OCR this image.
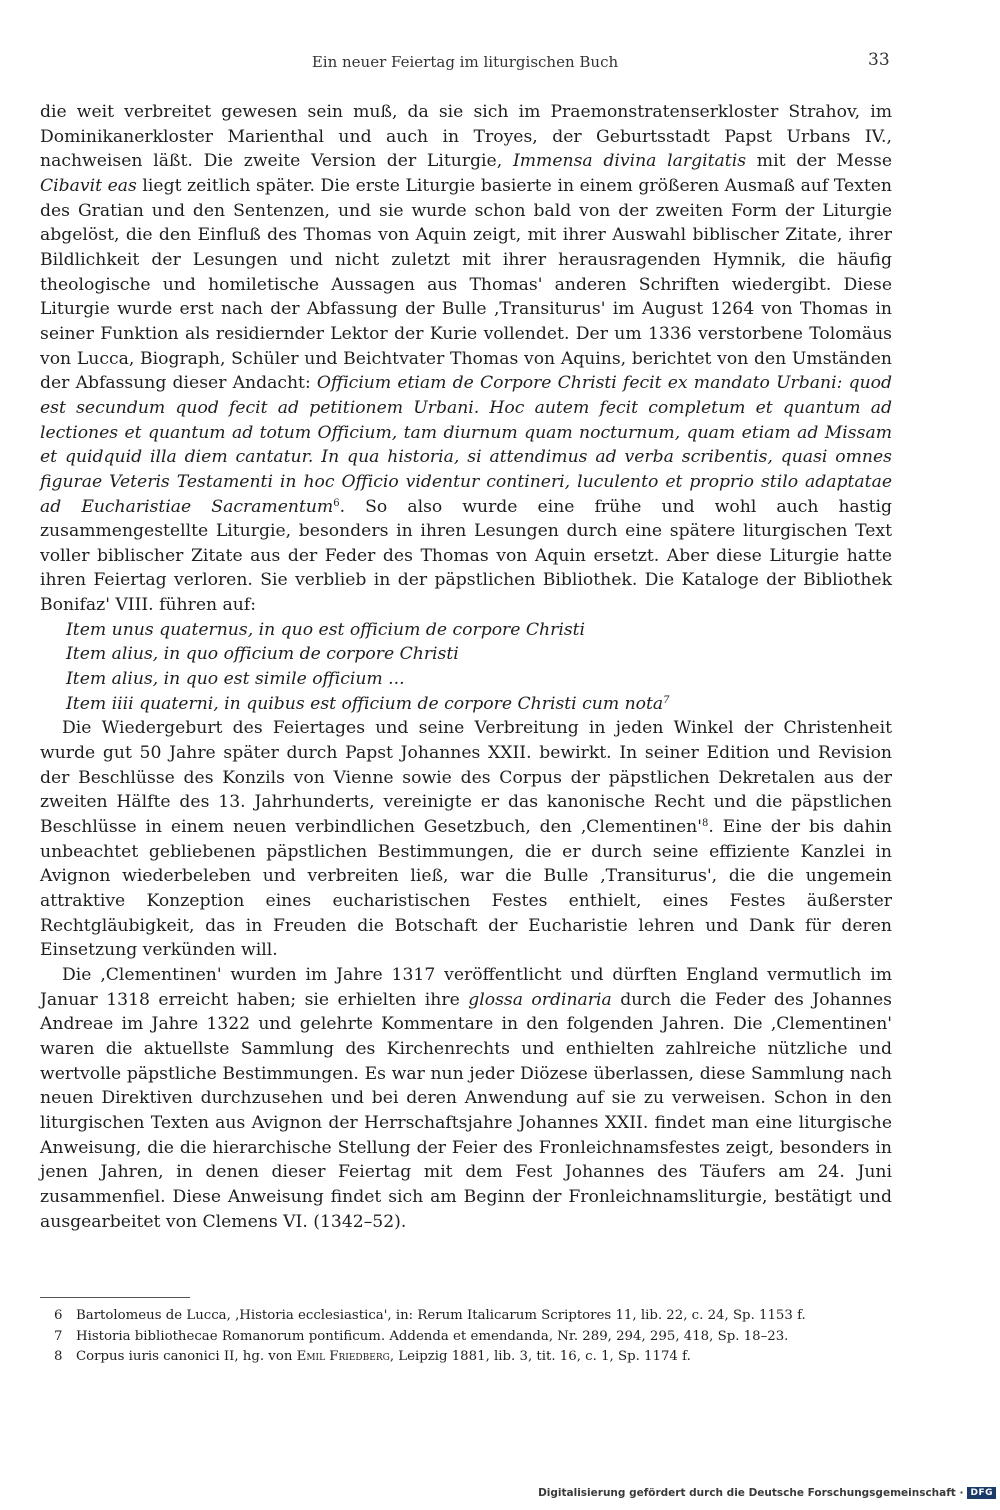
Ein neuer Feiertag im liturgischen Buch	33

die weit verbreitet gewesen sein muß, da sie sich im Praemonstratenserkloster Strahov, im Dominikanerkloster Marienthal und auch in Troyes, der Geburtsstadt Papst Urbans IV., nachweisen läßt. Die zweite Version der Liturgie, Immensa divina largitatis mit der Messe Cibavit eas liegt zeitlich später. Die erste Liturgie basierte in einem größeren Ausmaß auf Texten des Gratian und den Sentenzen, und sie wurde schon bald von der zweiten Form der Liturgie abgelöst, die den Einfluß des Thomas von Aquin zeigt, mit ihrer Auswahl biblischer Zitate, ihrer Bildlichkeit der Lesungen und nicht zuletzt mit ihrer herausragenden Hymnik, die häufig theologische und homiletische Aussagen aus Thomas' anderen Schriften wiedergibt. Diese Liturgie wurde erst nach der Abfassung der Bulle ‚Transiturus' im August 1264 von Thomas in seiner Funktion als residiernder Lektor der Kurie vollendet. Der um 1336 verstorbene Tolomäus von Lucca, Biograph, Schüler und Beichtvater Thomas von Aquins, berichtet von den Umständen der Abfassung dieser Andacht: Officium etiam de Corpore Christi fecit ex mandato Urbani: quod est secundum quod fecit ad petitionem Urbani. Hoc autem fecit completum et quantum ad lectiones et quantum ad totum Officium, tam diurnum quam nocturnum, quam etiam ad Missam et quidquid illa diem cantatur. In qua historia, si attendimus ad verba scribentis, quasi omnes figurae Veteris Testamenti in hoc Officio videntur contineri, luculento et proprio stilo adaptatae ad Eucharistiae Sacramentum$^6$. So also wurde eine frühe und wohl auch hastig zusammengestellte Liturgie, besonders in ihren Lesungen durch eine spätere liturgischen Text voller biblischer Zitate aus der Feder des Thomas von Aquin ersetzt. Aber diese Liturgie hatte ihren Feiertag verloren. Sie verblieb in der päpstlichen Bibliothek. Die Kataloge der Bibliothek Bonifaz' VIII. führen auf:

Item unus quaternus, in quo est officium de corpore Christi
Item alius, in quo officium de corpore Christi
Item alius, in quo est simile officium ...
Item iiii quaterni, in quibus est officium de corpore Christi cum nota$^7$

Die Wiedergeburt des Feiertages und seine Verbreitung in jeden Winkel der Christenheit wurde gut 50 Jahre später durch Papst Johannes XXII. bewirkt. In seiner Edition und Revision der Beschlüsse des Konzils von Vienne sowie des Corpus der päpstlichen Dekretalen aus der zweiten Hälfte des 13. Jahrhunderts, vereinigte er das kanonische Recht und die päpstlichen Beschlüsse in einem neuen verbindlichen Gesetzbuch, den $‚Clementinen'^8$. Eine der bis dahin unbeachtet gebliebenen päpstlichen Bestimmungen, die er durch seine effiziente Kanzlei in Avignon wiederbeleben und verbreiten ließ, war die Bulle ‚Transiturus', die die ungemein attraktive Konzeption eines eucharistischen Festes enthielt, eines Festes äußerster Rechtgläubigkeit, das in Freuden die Botschaft der Eucharistie lehren und Dank für deren Einsetzung verkünden will.

Die ‚Clementinen' wurden im Jahre 1317 veröffentlicht und dürften England vermutlich im Januar 1318 erreicht haben; sie erhielten ihre glossa ordinaria durch die Feder des Johannes Andreae im Jahre 1322 und gelehrte Kommentare in den folgenden Jahren. Die ‚Clementinen' waren die aktuellste Sammlung des Kirchenrechts und enthielten zahlreiche nützliche und wertvolle päpstliche Bestimmungen. Es war nun jeder Diözese überlassen, diese Sammlung nach neuen Direktiven durchzusehen und bei deren Anwendung auf sie zu verweisen. Schon in den liturgischen Texten aus Avignon der Herrschaftsjahre Johannes XXII. findet man eine liturgische Anweisung, die die hierarchische Stellung der Feier des Fronleichnamsfestes zeigt, besonders in jenen Jahren, in denen dieser Feiertag mit dem Fest Johannes des Täufers am 24. Juni zusammenfiel. Diese Anweisung findet sich am Beginn der Fronleichnamsliturgie, bestätigt und ausgearbeitet von Clemens VI. (1342–52).

6 Bartolomeus de Lucca, ‚Historia ecclesiastica', in: Rerum Italicarum Scriptores 11, lib. 22, c. 24, Sp. 1153 f.
7 Historia bibliothecae Romanorum pontificum. Addenda et emendanda, Nr. 289, 294, 295, 418, Sp. 18–23.
8 Corpus iuris canonici II, hg. von Emil Friedberg, Leipzig 1881, lib. 3, tit. 16, c. 1, Sp. 1174 f.
Digitalisierung gefördert durch die Deutsche Forschungsgemeinschaft · DFG
